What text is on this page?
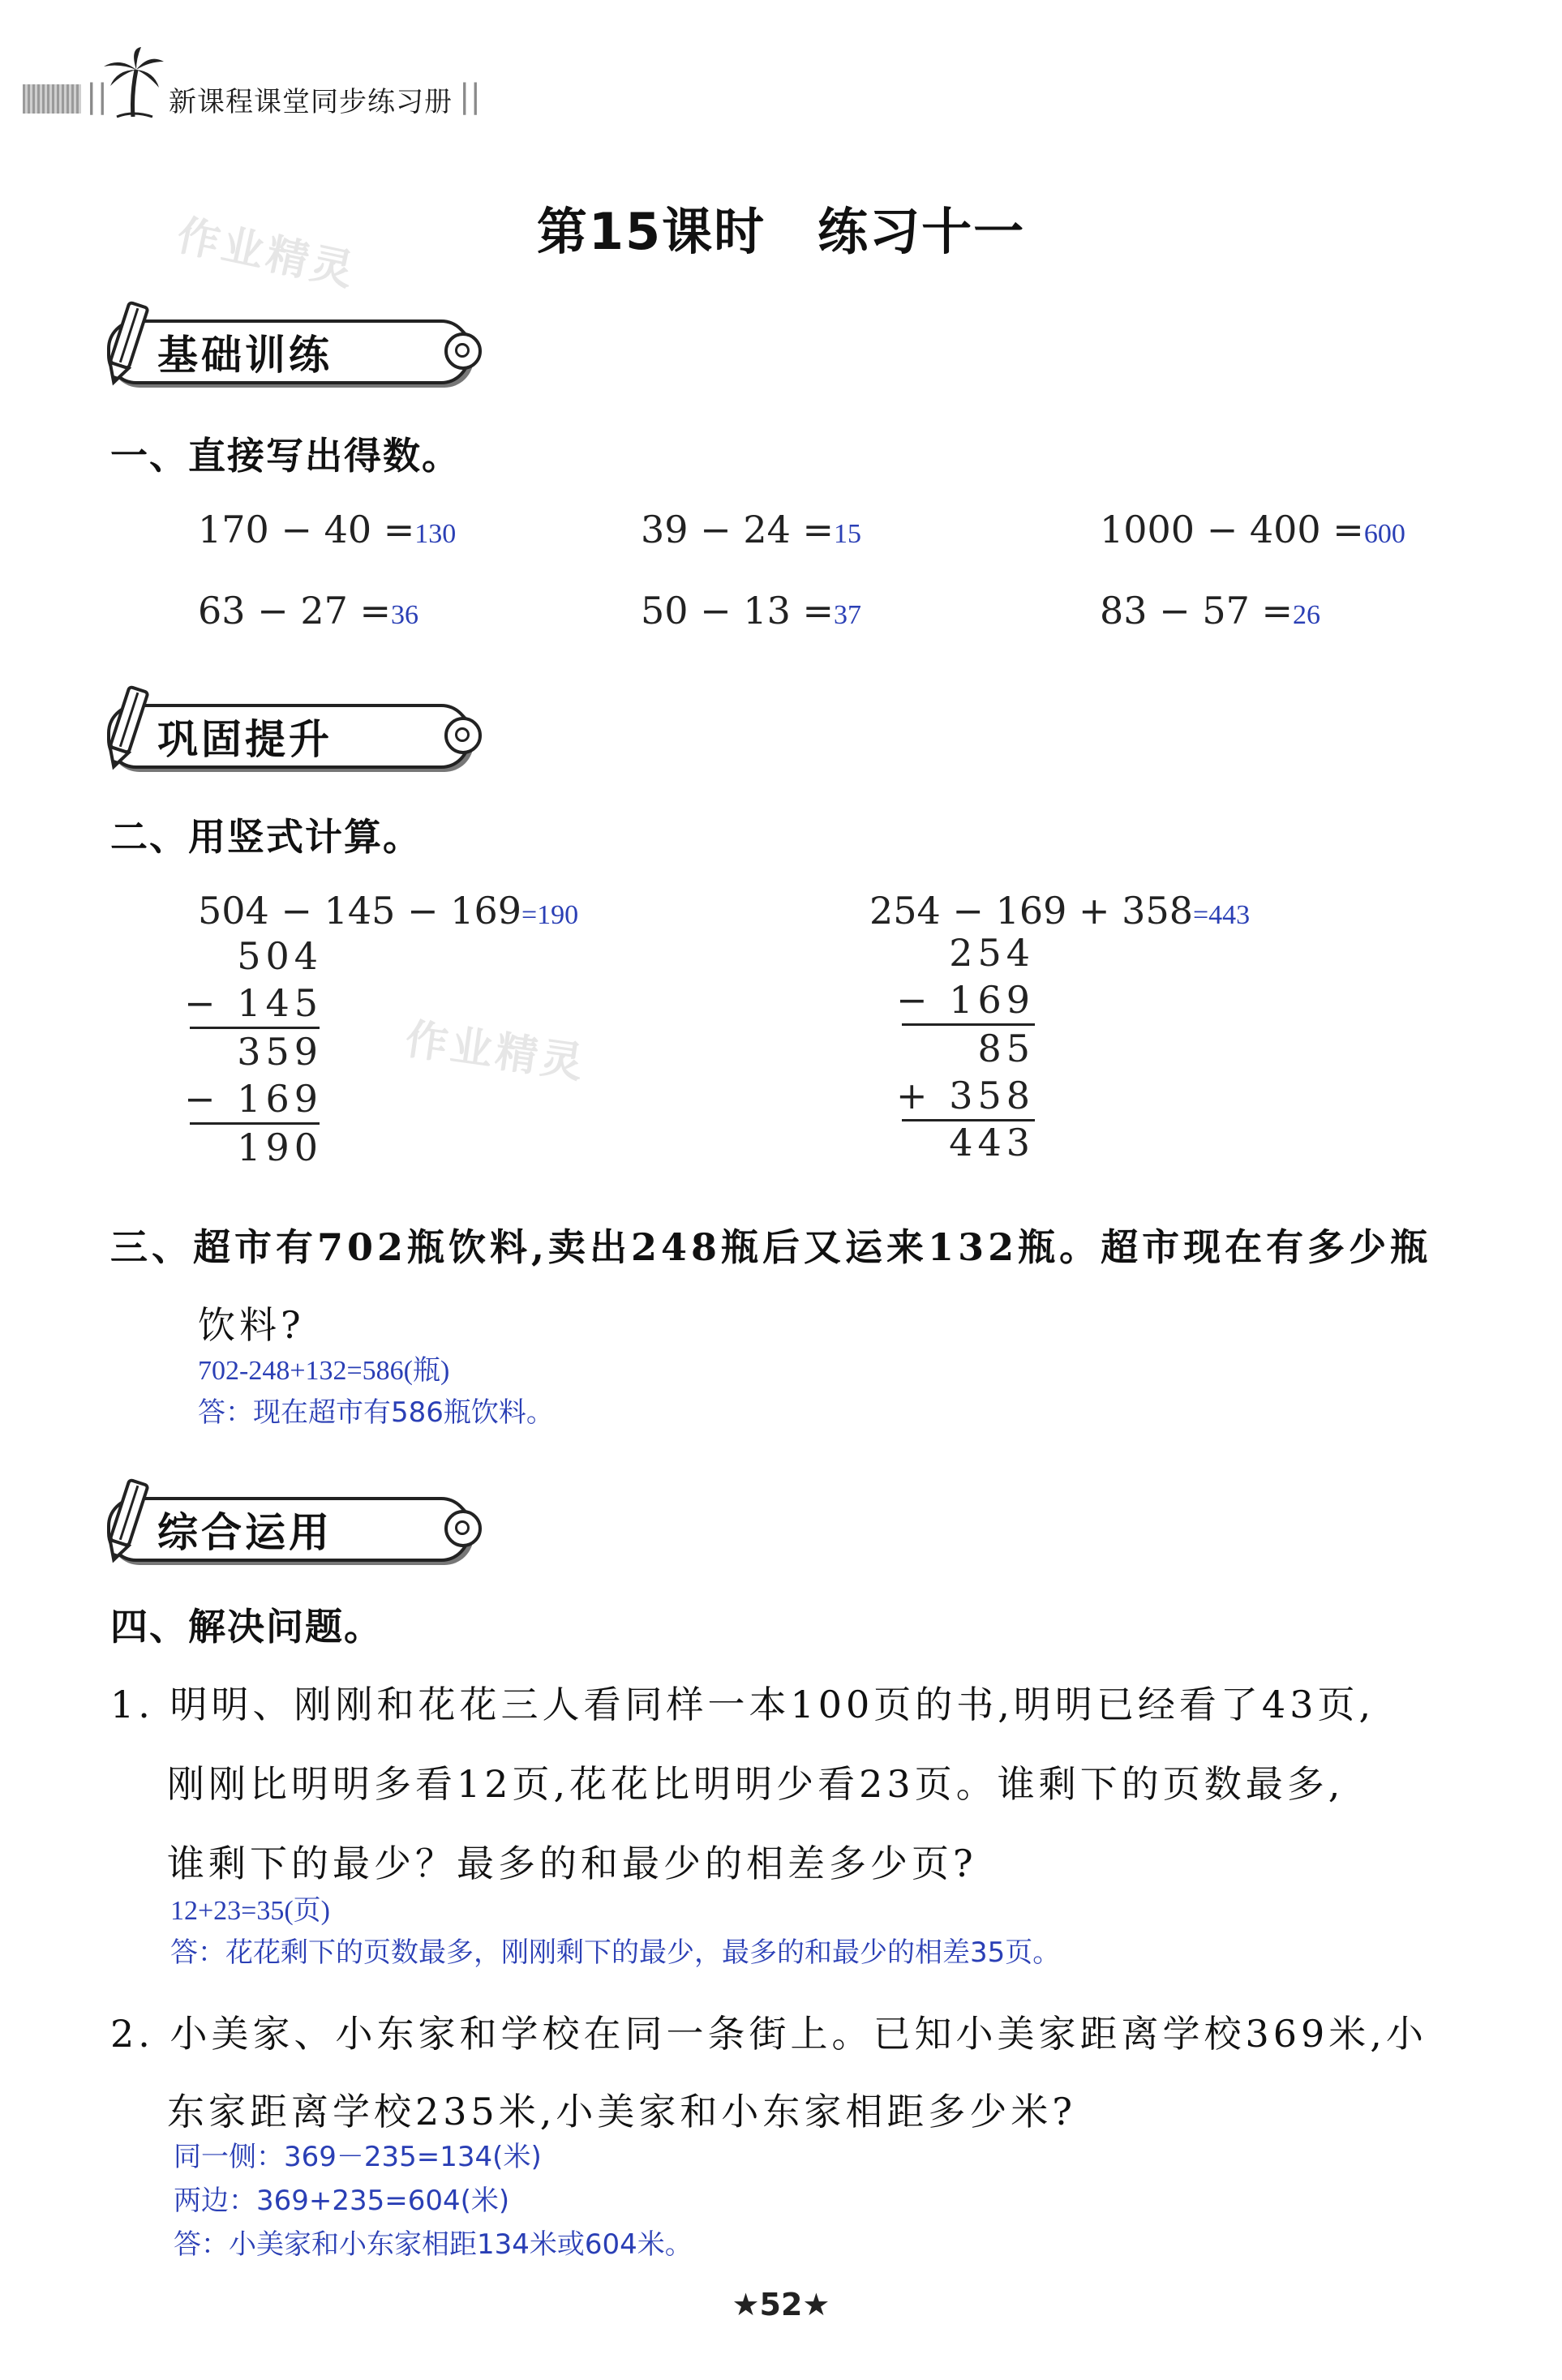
|| 新课程课堂同步练习册 ||
第15课时　练习十一
作业精灵
基础训练
一、直接写出得数。
170 − 40 =130	39 − 24 =15	1000 − 400 =600
63 − 27 =36	50 − 13 =37	83 − 57 =26
巩固提升
二、用竖式计算。
504 − 145 − 169=190
504
− 145
359
− 169
190
作业精灵
254 − 169 + 358=443
254
− 169
85
+ 358
443
三、超市有702瓶饮料,卖出248瓶后又运来132瓶。超市现在有多少瓶
饮料?
702-248+132=586(瓶)
答：现在超市有586瓶饮料。
综合运用
四、解决问题。
1. 明明、刚刚和花花三人看同样一本100页的书,明明已经看了43页,
刚刚比明明多看12页,花花比明明少看23页。谁剩下的页数最多,
谁剩下的最少？最多的和最少的相差多少页?
12+23=35(页)
答：花花剩下的页数最多，刚刚剩下的最少，最多的和最少的相差35页。
2. 小美家、小东家和学校在同一条街上。已知小美家距离学校369米,小
东家距离学校235米,小美家和小东家相距多少米?
同一侧：369－235=134(米)
两边：369+235=604(米)
答：小美家和小东家相距134米或604米。
★52★
